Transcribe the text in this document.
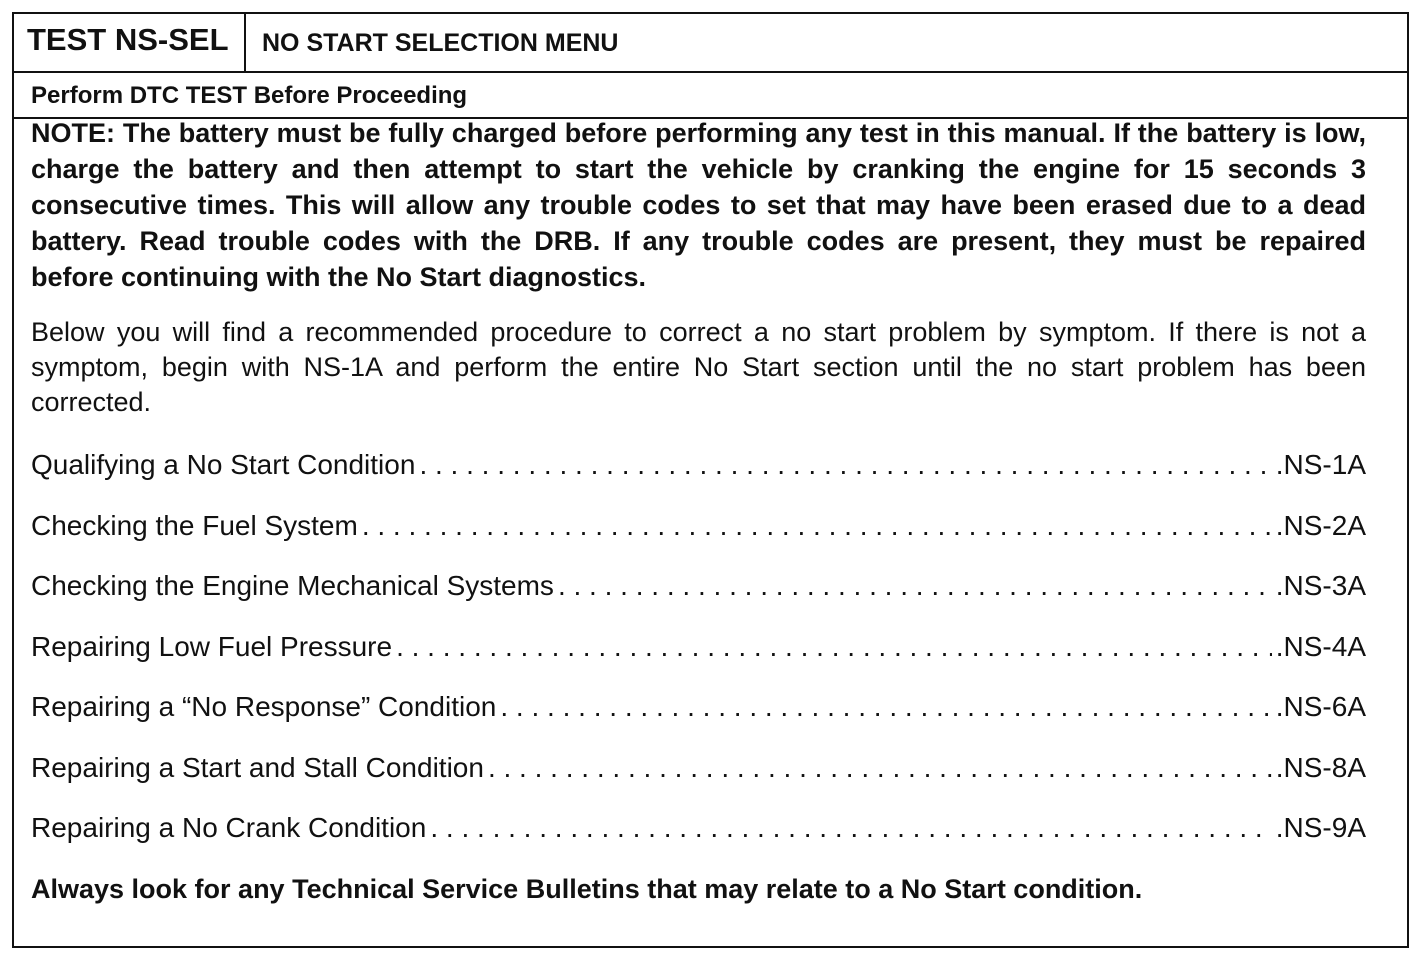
TEST NS-SEL	NO START SELECTION MENU
Perform DTC TEST Before Proceeding

NOTE: The battery must be fully charged before performing any test in this manual. If the battery is low, charge the battery and then attempt to start the vehicle by cranking the engine for 15 seconds 3 consecutive times. This will allow any trouble codes to set that may have been erased due to a dead battery. Read trouble codes with the DRB. If any trouble codes are present, they must be repaired before continuing with the No Start diagnostics.

Below you will find a recommended procedure to correct a no start problem by symptom. If there is not a symptom, begin with NS-1A and perform the entire No Start section until the no start problem has been corrected.

Qualifying a No Start Condition . . .	.NS-1A
Checking the Fuel System . . .	.NS-2A
Checking the Engine Mechanical Systems . . .	.NS-3A
Repairing Low Fuel Pressure . . .	.NS-4A
Repairing a “No Response” Condition . . .	.NS-6A
Repairing a Start and Stall Condition . . .	.NS-8A
Repairing a No Crank Condition . . .	.NS-9A
Always look for any Technical Service Bulletins that may relate to a No Start condition.
